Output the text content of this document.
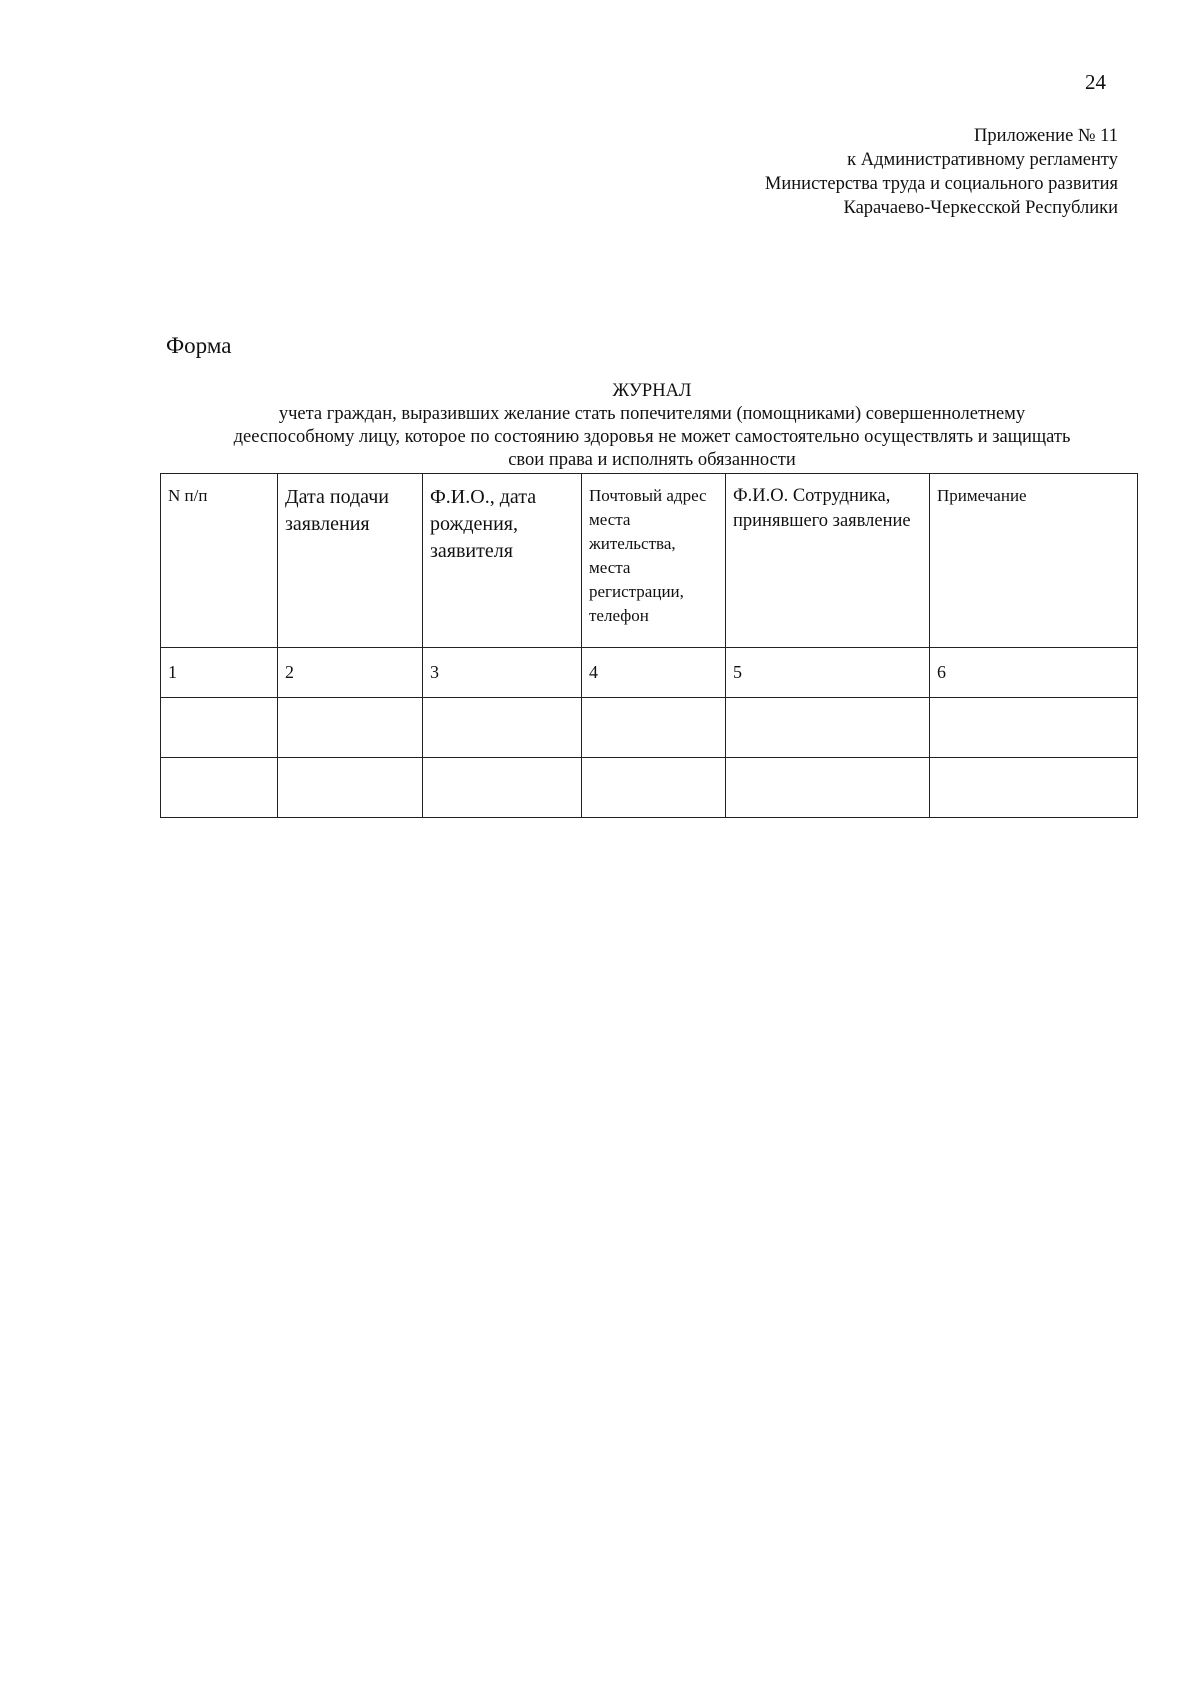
24
Приложение № 11
к Административному регламенту
Министерства труда и социального развития
Карачаево-Черкесской Республики
Форма
ЖУРНАЛ
учета граждан, выразивших желание стать попечителями (помощниками) совершеннолетнему
дееспособному лицу, которое по состоянию здоровья не может самостоятельно осуществлять и защищать
свои права и исполнять обязанности
N п/п	Дата подачи заявления	Ф.И.О., дата рождения, заявителя	Почтовый адрес места жительства, места регистрации, телефон	Ф.И.О. Сотрудника, принявшего заявление	Примечание
1	2	3	4	5	6
